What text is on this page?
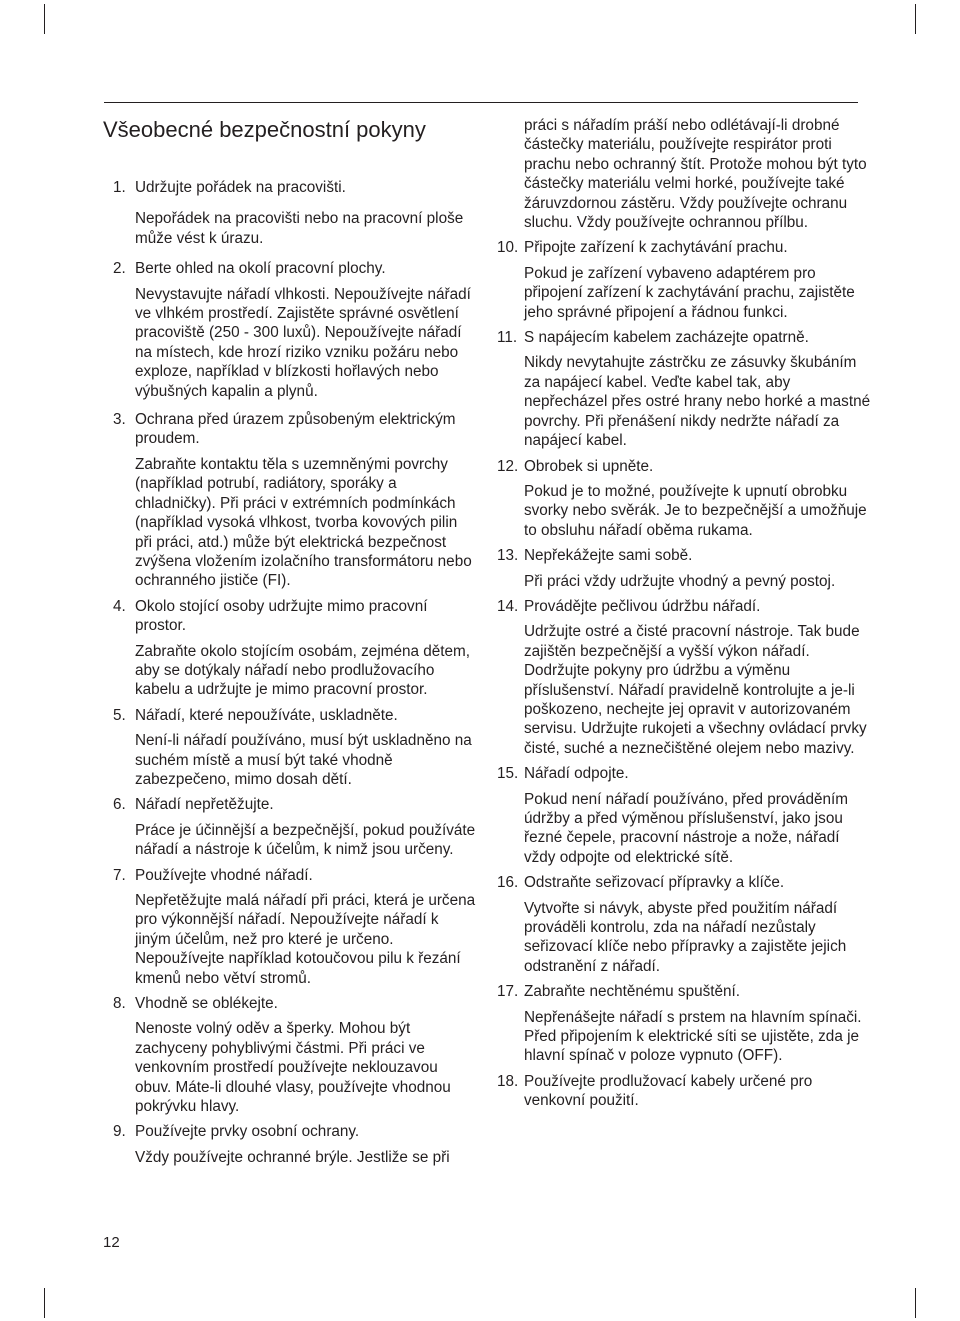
Všeobecné bezpečnostní pokyny
1. Udržujte pořádek na pracovišti.
Nepořádek na pracovišti nebo na pracovní ploše může vést k úrazu.
2. Berte ohled na okolí pracovní plochy.
Nevystavujte nářadí vlhkosti. Nepoužívejte nářadí ve vlhkém prostředí. Zajistěte správné osvětlení pracoviště (250 - 300 luxů). Nepoužívejte nářadí na místech, kde hrozí riziko vzniku požáru nebo exploze, například v blízkosti hořlavých nebo výbušných kapalin a plynů.
3. Ochrana před úrazem způsobeným elektrickým proudem.
Zabraňte kontaktu těla s uzemněnými povrchy (například potrubí, radiátory, sporáky a chladničky). Při práci v extrémních podmínkách (například vysoká vlhkost, tvorba kovových pilin při práci, atd.) může být elektrická bezpečnost zvýšena vložením izolačního transformátoru nebo ochranného jističe (FI).
4. Okolo stojící osoby udržujte mimo pracovní prostor.
Zabraňte okolo stojícím osobám, zejména dětem, aby se dotýkaly nářadí nebo prodlužovacího kabelu a udržujte je mimo pracovní prostor.
5. Nářadí, které nepoužíváte, uskladněte.
Není-li nářadí používáno, musí být uskladněno na suchém místě a musí být také vhodně zabezpečeno, mimo dosah dětí.
6. Nářadí nepřetěžujte.
Práce je účinnější a bezpečnější, pokud používáte nářadí a nástroje k účelům, k nimž jsou určeny.
7. Používejte vhodné nářadí.
Nepřetěžujte malá nářadí při práci, která je určena pro výkonnější nářadí. Nepoužívejte nářadí k jiným účelům, než pro které je určeno. Nepoužívejte například kotoučovou pilu k řezání kmenů nebo větví stromů.
8. Vhodně se oblékejte.
Nenoste volný oděv a šperky. Mohou být zachyceny pohyblivými částmi. Při práci ve venkovním prostředí používejte neklouzavou obuv. Máte-li dlouhé vlasy, používejte vhodnou pokrývku hlavy.
9. Používejte prvky osobní ochrany.
Vždy používejte ochranné brýle. Jestliže se při
práci s nářadím práší nebo odlétávají-li drobné částečky materiálu, používejte respirátor proti prachu nebo ochranný štít. Protože mohou být tyto částečky materiálu velmi horké, používejte také žáruvzdornou zástěru. Vždy používejte ochranu sluchu. Vždy používejte ochrannou přílbu.
10. Připojte zařízení k zachytávání prachu.
Pokud je zařízení vybaveno adaptérem pro připojení zařízení k zachytávání prachu, zajistěte jeho správné připojení a řádnou funkci.
11. S napájecím kabelem zacházejte opatrně.
Nikdy nevytahujte zástrčku ze zásuvky škubáním za napájecí kabel. Veďte kabel tak, aby nepřecházel přes ostré hrany nebo horké a mastné povrchy. Při přenášení nikdy nedržte nářadí za napájecí kabel.
12. Obrobek si upněte.
Pokud je to možné, používejte k upnutí obrobku svorky nebo svěrák. Je to bezpečnější a umožňuje to obsluhu nářadí oběma rukama.
13. Nepřekážejte sami sobě.
Při práci vždy udržujte vhodný a pevný postoj.
14. Provádějte pečlivou údržbu nářadí.
Udržujte ostré a čisté pracovní nástroje. Tak bude zajištěn bezpečnější a vyšší výkon nářadí. Dodržujte pokyny pro údržbu a výměnu příslušenství. Nářadí pravidelně kontrolujte a je-li poškozeno, nechejte jej opravit v autorizovaném servisu. Udržujte rukojeti a všechny ovládací prvky čisté, suché a neznečištěné olejem nebo mazivy.
15. Nářadí odpojte.
Pokud není nářadí používáno, před prováděním údržby a před výměnou příslušenství, jako jsou řezné čepele, pracovní nástroje a nože, nářadí vždy odpojte od elektrické sítě.
16. Odstraňte seřizovací přípravky a klíče.
Vytvořte si návyk, abyste před použitím nářadí prováděli kontrolu, zda na nářadí nezůstaly seřizovací klíče nebo přípravky a zajistěte jejich odstranění z nářadí.
17. Zabraňte nechtěnému spuštění.
Nepřenášejte nářadí s prstem na hlavním spínači. Před připojením k elektrické síti se ujistěte, zda je hlavní spínač v poloze vypnuto (OFF).
18. Používejte prodlužovací kabely určené pro venkovní použití.
12
